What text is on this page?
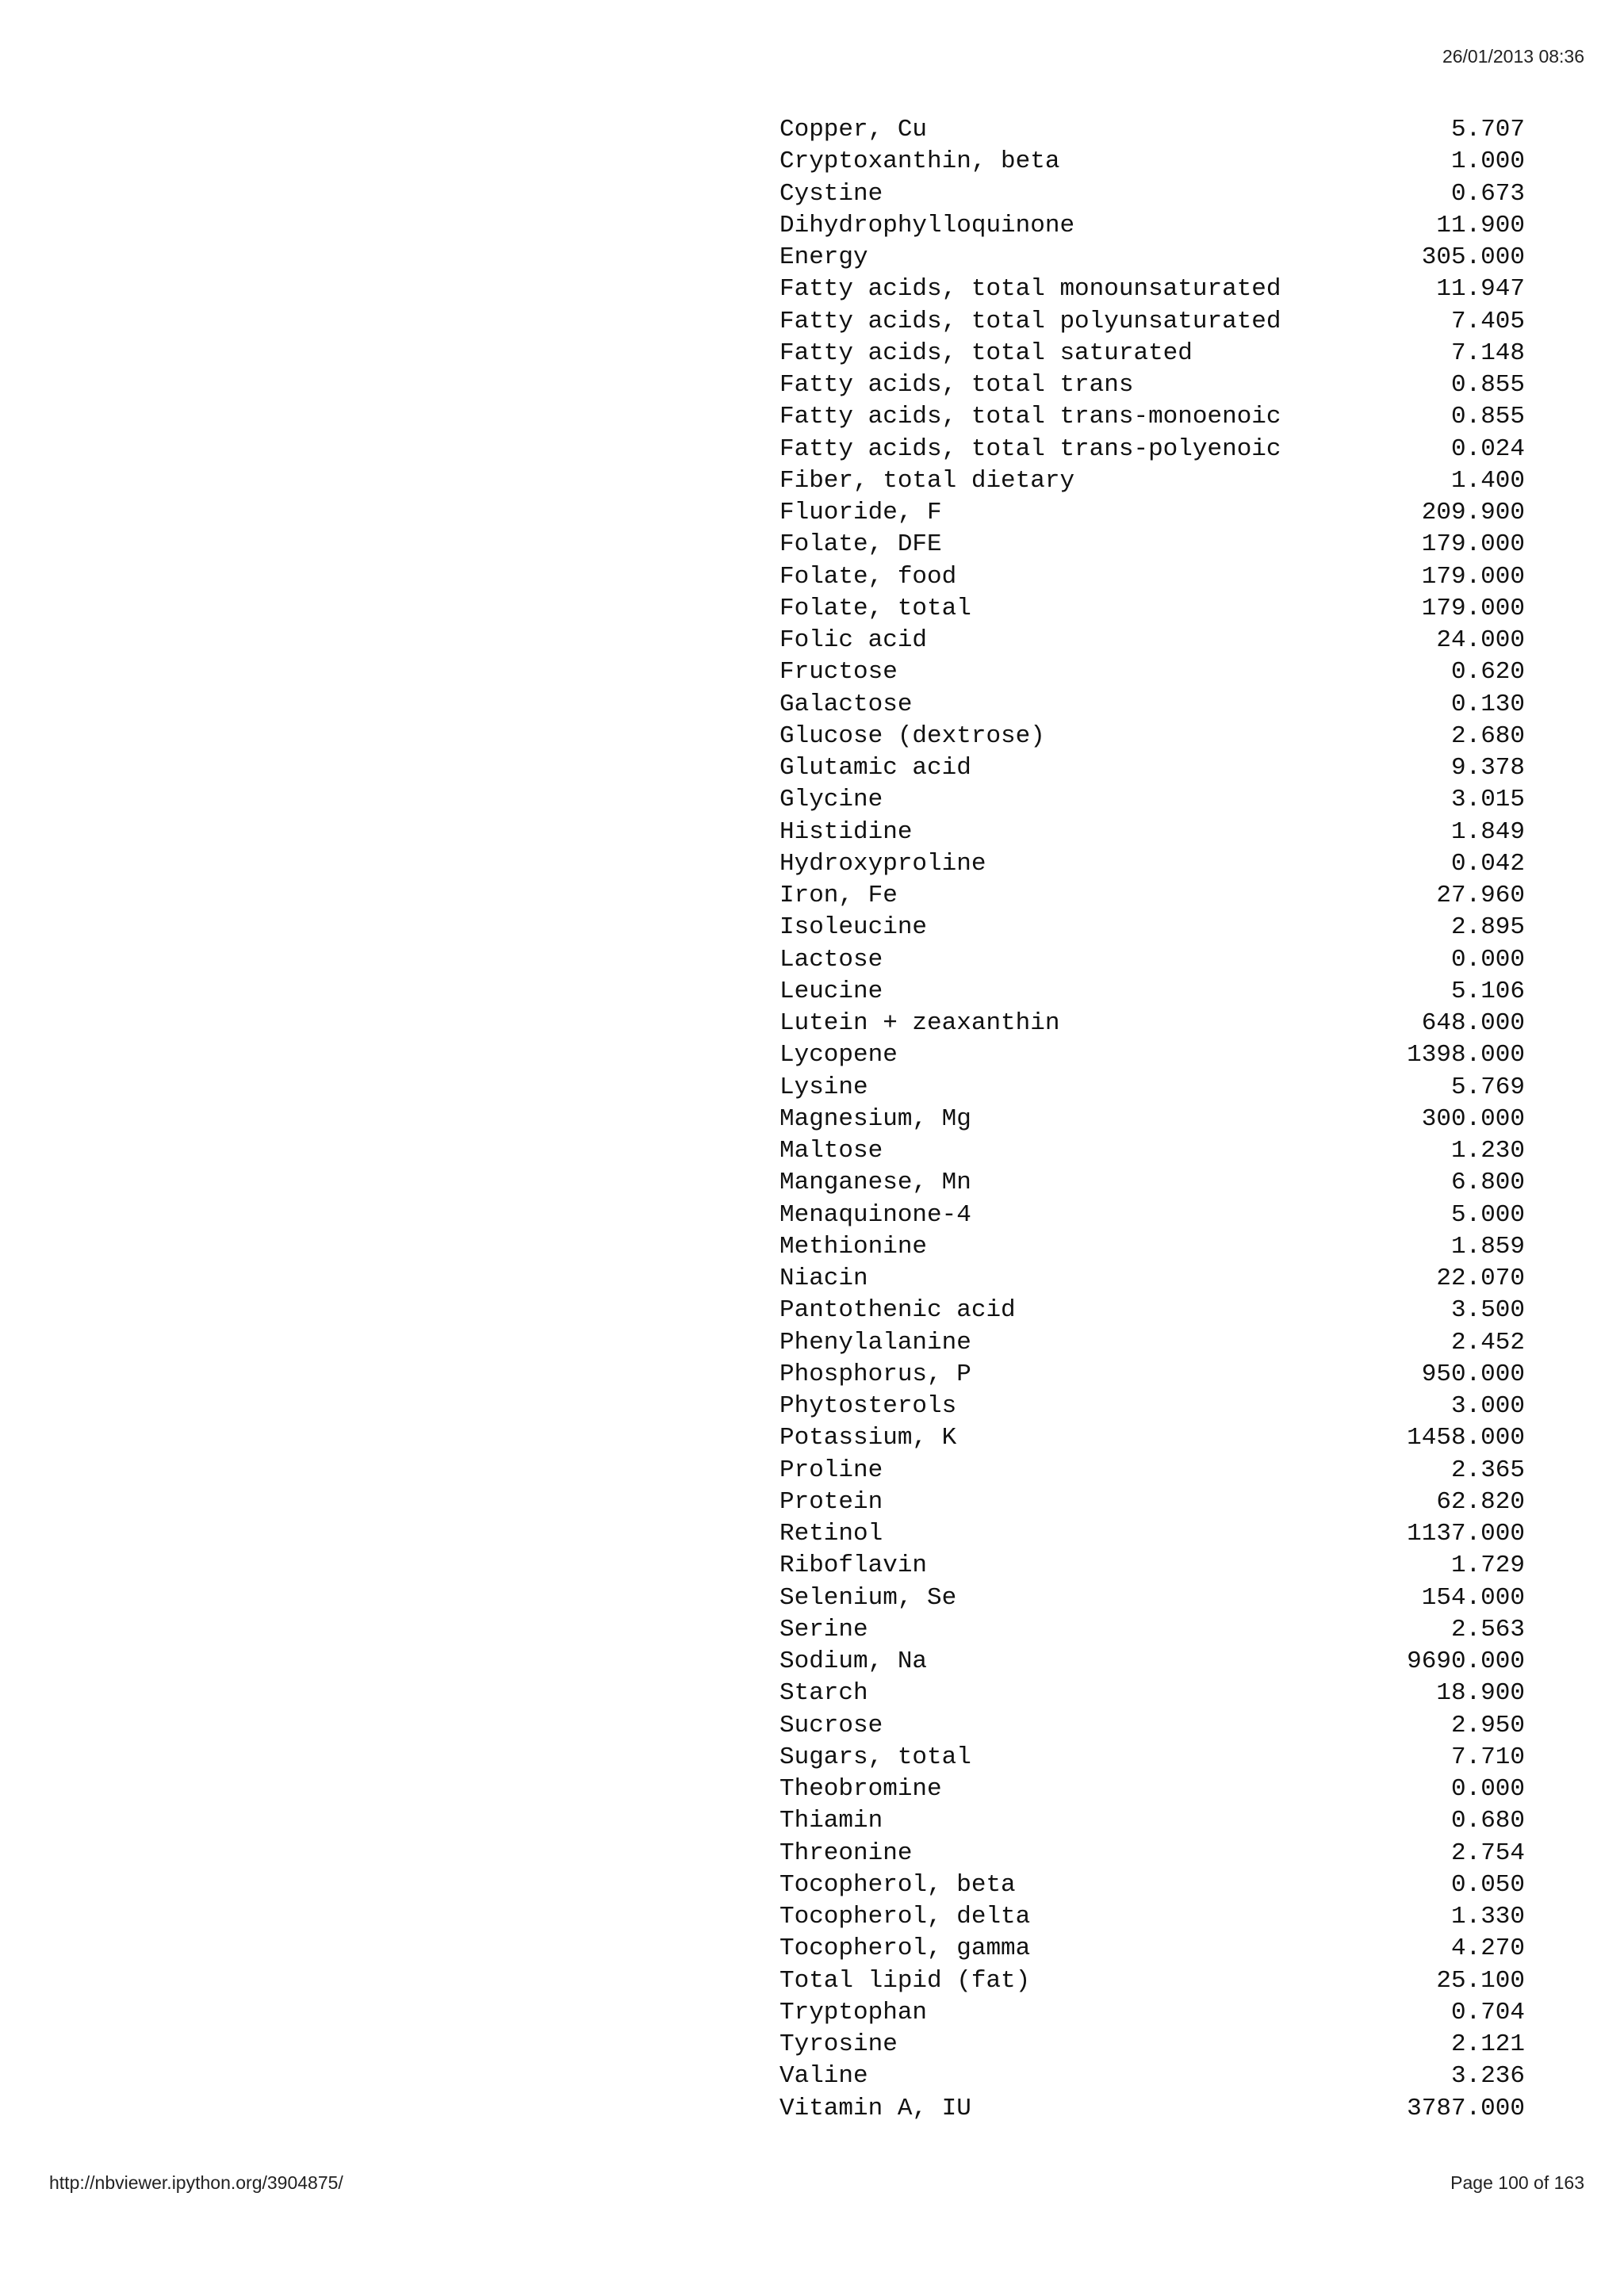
26/01/2013 08:36
Copper, Cu	5.707
Cryptoxanthin, beta	1.000
Cystine	0.673
Dihydrophylloquinone	11.900
Energy	305.000
Fatty acids, total monounsaturated	11.947
Fatty acids, total polyunsaturated	7.405
Fatty acids, total saturated	7.148
Fatty acids, total trans	0.855
Fatty acids, total trans-monoenoic	0.855
Fatty acids, total trans-polyenoic	0.024
Fiber, total dietary	1.400
Fluoride, F	209.900
Folate, DFE	179.000
Folate, food	179.000
Folate, total	179.000
Folic acid	24.000
Fructose	0.620
Galactose	0.130
Glucose (dextrose)	2.680
Glutamic acid	9.378
Glycine	3.015
Histidine	1.849
Hydroxyproline	0.042
Iron, Fe	27.960
Isoleucine	2.895
Lactose	0.000
Leucine	5.106
Lutein + zeaxanthin	648.000
Lycopene	1398.000
Lysine	5.769
Magnesium, Mg	300.000
Maltose	1.230
Manganese, Mn	6.800
Menaquinone-4	5.000
Methionine	1.859
Niacin	22.070
Pantothenic acid	3.500
Phenylalanine	2.452
Phosphorus, P	950.000
Phytosterols	3.000
Potassium, K	1458.000
Proline	2.365
Protein	62.820
Retinol	1137.000
Riboflavin	1.729
Selenium, Se	154.000
Serine	2.563
Sodium, Na	9690.000
Starch	18.900
Sucrose	2.950
Sugars, total	7.710
Theobromine	0.000
Thiamin	0.680
Threonine	2.754
Tocopherol, beta	0.050
Tocopherol, delta	1.330
Tocopherol, gamma	4.270
Total lipid (fat)	25.100
Tryptophan	0.704
Tyrosine	2.121
Valine	3.236
Vitamin A, IU	3787.000
http://nbviewer.ipython.org/3904875/	Page 100 of 163
